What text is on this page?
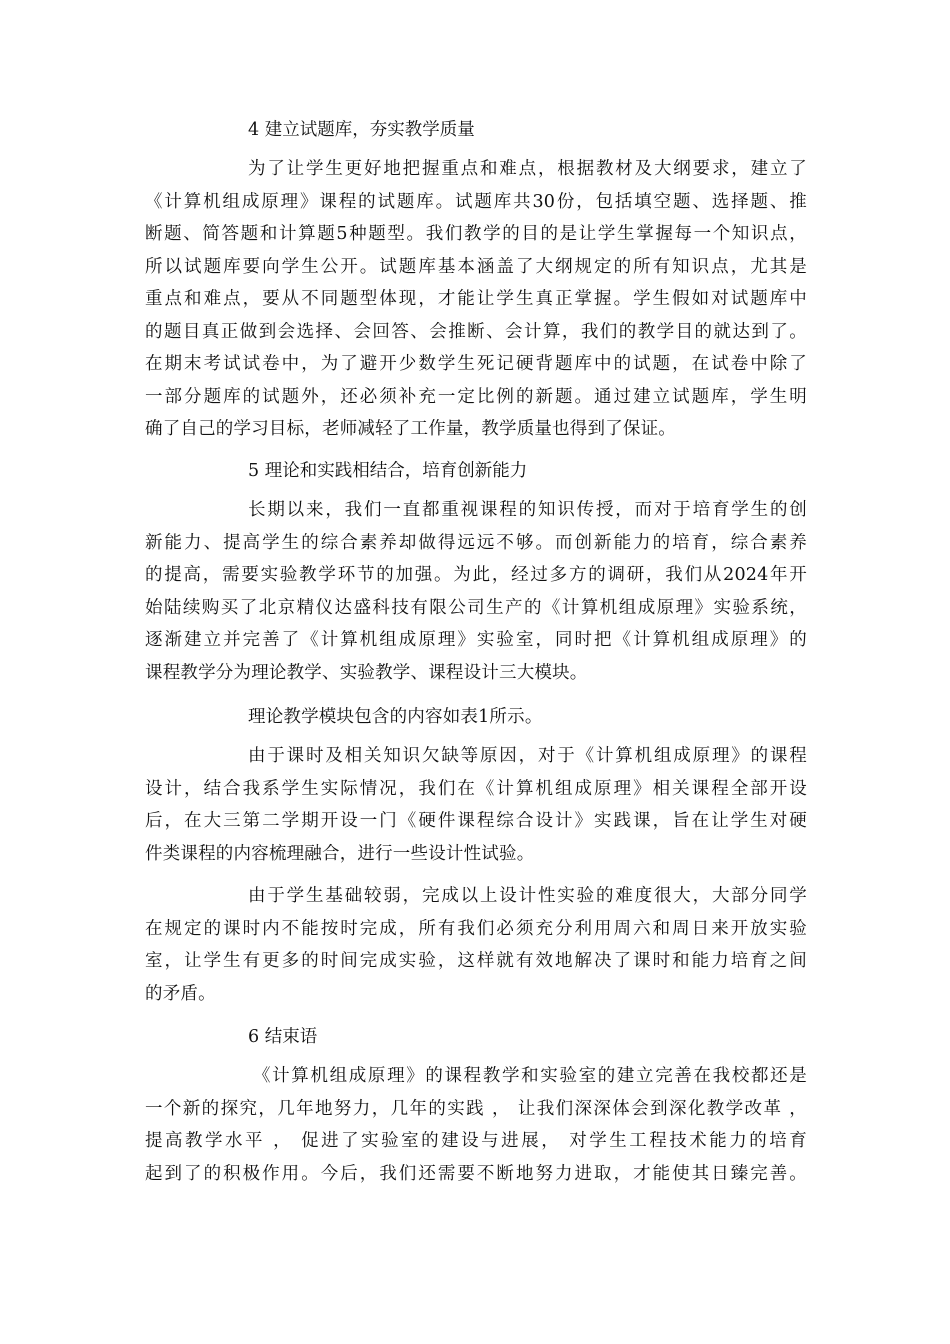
4 建立试题库，夯实教学质量

为了让学生更好地把握重点和难点，根据教材及大纲要求，建立了
《计算机组成原理》课程的试题库。试题库共30份，包括填空题、选择题、推
断题、简答题和计算题5种题型。我们教学的目的是让学生掌握每一个知识点，
所以试题库要向学生公开。试题库基本涵盖了大纲规定的所有知识点，尤其是
重点和难点，要从不同题型体现，才能让学生真正掌握。学生假如对试题库中
的题目真正做到会选择、会回答、会推断、会计算，我们的教学目的就达到了。
在期末考试试卷中，为了避开少数学生死记硬背题库中的试题，在试卷中除了
一部分题库的试题外，还必须补充一定比例的新题。通过建立试题库，学生明
确了自己的学习目标，老师减轻了工作量，教学质量也得到了保证。

5 理论和实践相结合，培育创新能力

长期以来，我们一直都重视课程的知识传授，而对于培育学生的创
新能力、提高学生的综合素养却做得远远不够。而创新能力的培育，综合素养
的提高，需要实验教学环节的加强。为此，经过多方的调研，我们从2024年开
始陆续购买了北京精仪达盛科技有限公司生产的《计算机组成原理》实验系统，
逐渐建立并完善了《计算机组成原理》实验室，同时把《计算机组成原理》的
课程教学分为理论教学、实验教学、课程设计三大模块。
理论教学模块包含的内容如表1所示。
由于课时及相关知识欠缺等原因，对于《计算机组成原理》的课程
设计，结合我系学生实际情况，我们在《计算机组成原理》相关课程全部开设
后，在大三第二学期开设一门《硬件课程综合设计》实践课，旨在让学生对硬
件类课程的内容梳理融合，进行一些设计性试验。
由于学生基础较弱，完成以上设计性实验的难度很大，大部分同学
在规定的课时内不能按时完成，所有我们必须充分利用周六和周日来开放实验
室，让学生有更多的时间完成实验，这样就有效地解决了课时和能力培育之间
的矛盾。

6 结束语

《计算机组成原理》的课程教学和实验室的建立完善在我校都还是
一个新的探究，几年地努力，几年的实践 ， 让我们深深体会到深化教学改革 ，
提高教学水平 ， 促进了实验室的建设与进展， 对学生工程技术能力的培育
起到了的积极作用。今后，我们还需要不断地努力进取，才能使其日臻完善。
